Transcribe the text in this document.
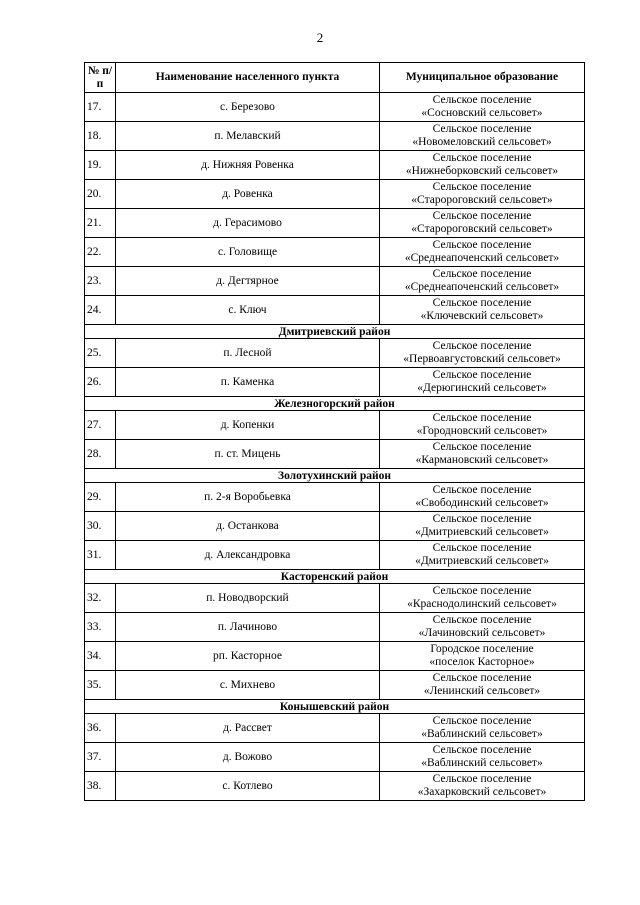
2
№ п/п	Наименование населенного пункта	Муниципальное образование
17.	с. Березово	Сельское поселение
«Сосновский сельсовет»

18.	п. Мелавский	Сельское поселение
«Новомеловский сельсовет»

19.	д. Нижняя Ровенка	Сельское поселение
«Нижнеборковский сельсовет»

20.	д. Ровенка	Сельское поселение
«Старороговский сельсовет»

21.	д. Герасимово	Сельское поселение
«Старороговский сельсовет»

22.	с. Головище	Сельское поселение
«Среднеапоченский сельсовет»

23.	д. Дегтярное	Сельское поселение
«Среднеапоченский сельсовет»

24.	с. Ключ	Сельское поселение
«Ключевский сельсовет»

Дмитриевский район		
25.	п. Лесной	Сельское поселение
«Первоавгустовский сельсовет»

26.	п. Каменка	Сельское поселение
«Дерюгинский сельсовет»

Железногорский район		
27.	д. Копенки	Сельское поселение
«Городновский сельсовет»

28.	п. ст. Мицень	Сельское поселение
«Кармановский сельсовет»

Золотухинский район		
29.	п. 2-я Воробьевка	Сельское поселение
«Свободинский сельсовет»

30.	д. Останкова	Сельское поселение
«Дмитриевский сельсовет»

31.	д. Александровка	Сельское поселение
«Дмитриевский сельсовет»

Касторенский район		
32.	п. Новодворский	Сельское поселение
«Краснодолинский сельсовет»

33.	п. Лачиново	Сельское поселение
«Лачиновский сельсовет»

34.	рп. Касторное	Городское поселение
«поселок Касторное»

35.	с. Михнево	Сельское поселение
«Ленинский сельсовет»

Конышевский район		
36.	д. Рассвет	Сельское поселение
«Ваблинский сельсовет»

37.	д. Вожово	Сельское поселение
«Ваблинский сельсовет»

38.	с. Котлево	Сельское поселение
«Захарковский сельсовет»
